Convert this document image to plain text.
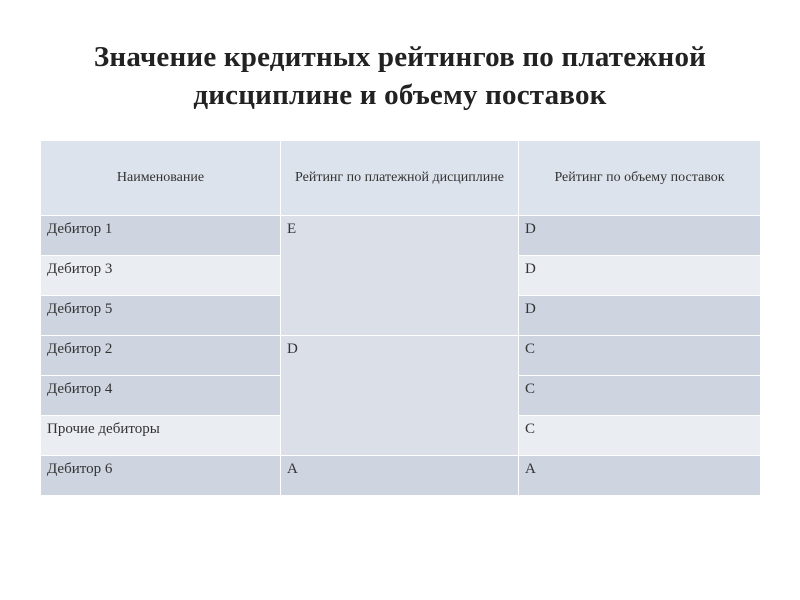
Значение кредитных рейтингов по платежной
дисциплине и объему поставок
Наименование	Рейтинг по платежной дисциплине	Рейтинг по объему поставок
Дебитор 1	E	D
Дебитор 3		D
Дебитор 5		D
Дебитор 2	D	C
Дебитор 4		C
Прочие дебиторы		C
Дебитор 6	A	A
